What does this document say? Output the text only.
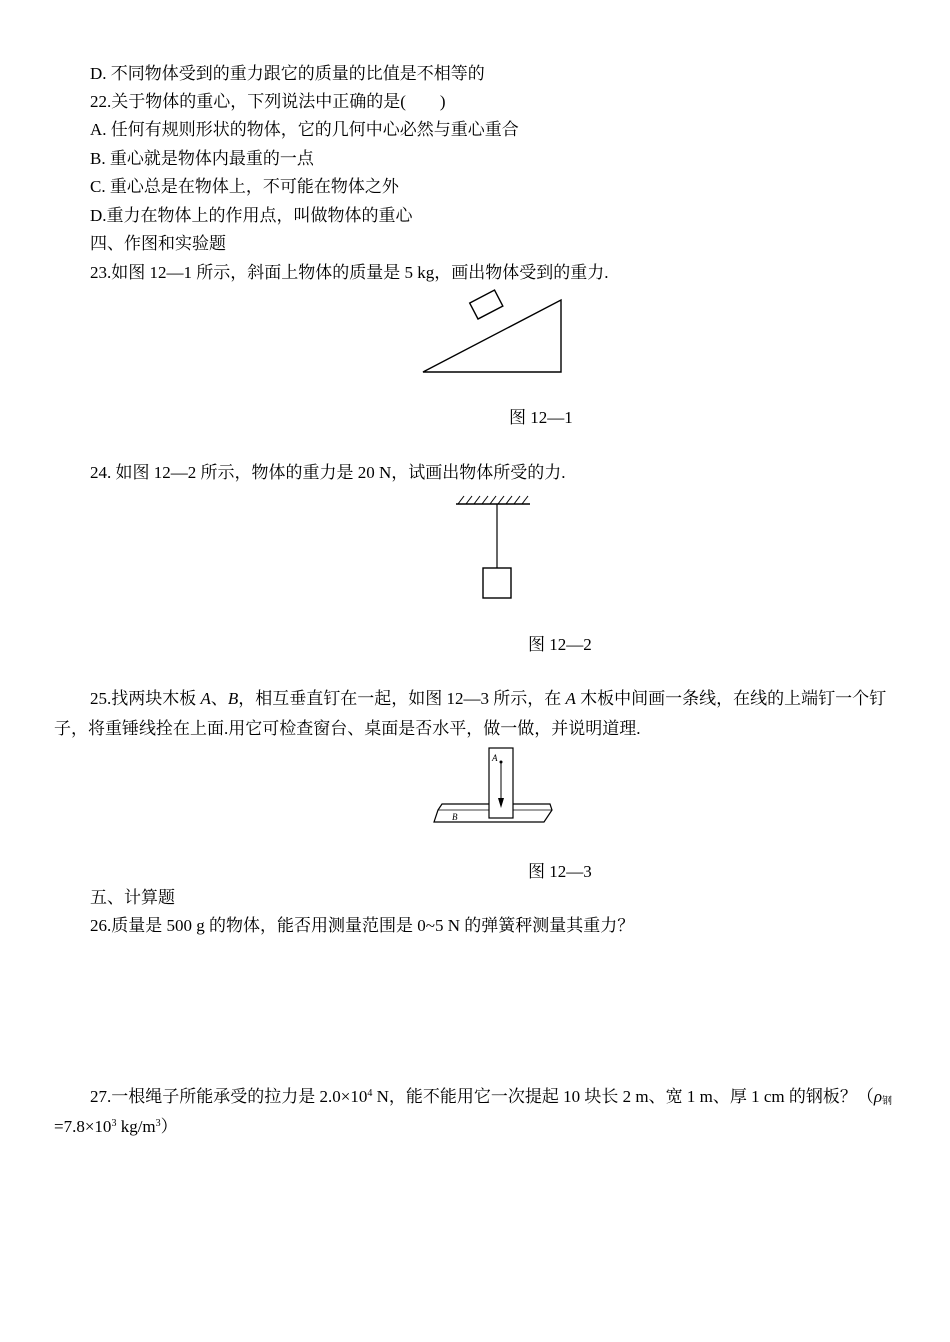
D. 不同物体受到的重力跟它的质量的比值是不相等的
22.关于物体的重心，下列说法中正确的是(　　)
A. 任何有规则形状的物体，它的几何中心必然与重心重合
B. 重心就是物体内最重的一点
C. 重心总是在物体上，不可能在物体之外
D.重力在物体上的作用点，叫做物体的重心
四、作图和实验题
23.如图 12—1 所示，斜面上物体的质量是 5 kg，画出物体受到的重力.
图 12—1
24. 如图 12—2 所示，物体的重力是 20 N，试画出物体所受的力.
图 12—2
25.找两块木板 A、B，相互垂直钉在一起，如图 12—3 所示，在 A 木板中间画一条线，在线的上端钉一个钉子，将重锤线拴在上面.用它可检查窗台、桌面是否水平，做一做，并说明道理.
A
B
图 12—3
五、计算题
26.质量是 500 g 的物体，能否用测量范围是 0~5 N 的弹簧秤测量其重力？
27.一根绳子所能承受的拉力是 $2.0\times 10^4$ N，能不能用它一次提起 10 块长 2 m、宽 1 m、厚 1 cm 的钢板？（$\rho_钢=7.8\times 10^3$ $kg/m^3$）
